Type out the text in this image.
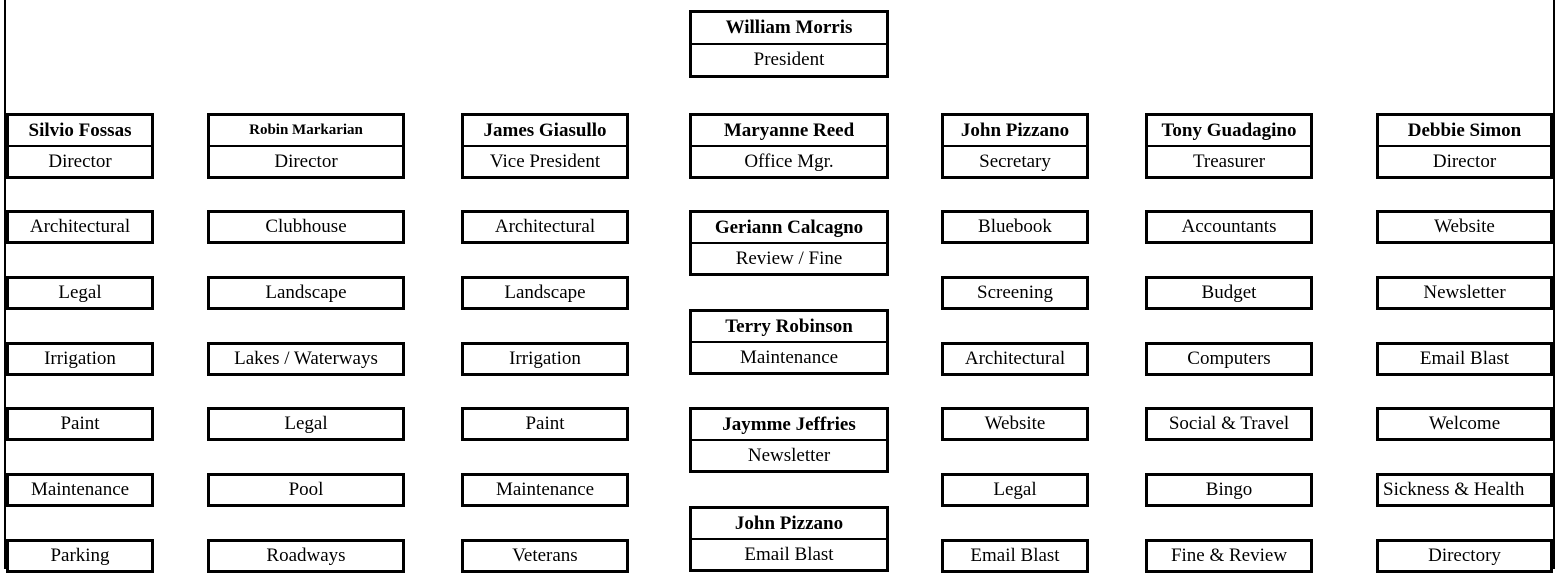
William Morris
President
Silvio Fossas
Director
Robin Markarian
Director
James Giasullo
Vice President
Maryanne Reed
Office Mgr.
John Pizzano
Secretary
Tony Guadagino
Treasurer
Debbie Simon
Director
Architectural
Legal
Irrigation
Paint
Maintenance
Parking
Clubhouse
Landscape
Lakes / Waterways
Legal
Pool
Roadways
Architectural
Landscape
Irrigation
Paint
Maintenance
Veterans
Geriann Calcagno
Review / Fine
Terry Robinson
Maintenance
Jaymme Jeffries
Newsletter
John Pizzano
Email Blast
Bluebook
Screening
Architectural
Website
Legal
Email Blast
Accountants
Budget
Computers
Social & Travel
Bingo
Fine & Review
Website
Newsletter
Email Blast
Welcome
Sickness & Health
Directory
